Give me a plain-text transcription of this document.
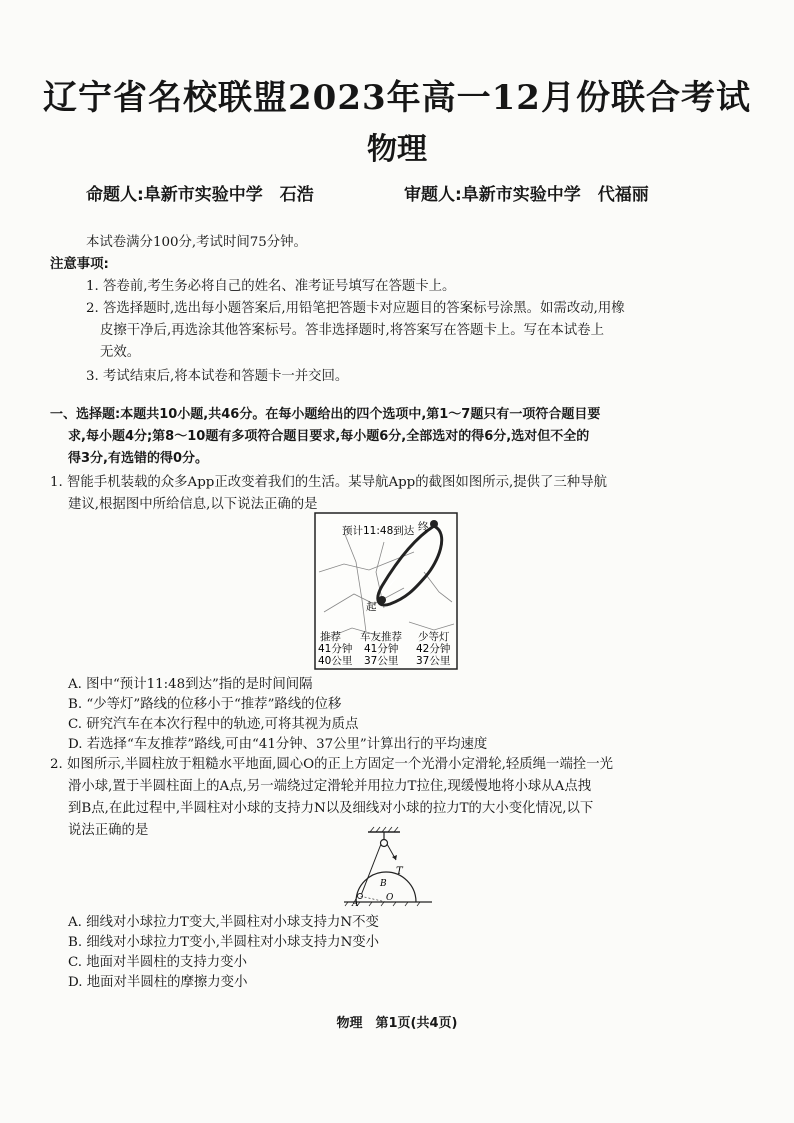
辽宁省名校联盟2023年高一12月份联合考试
物理
命题人:阜新市实验中学　石浩	审题人:阜新市实验中学　代福丽
本试卷满分100分,考试时间75分钟。
注意事项:
1. 答卷前,考生务必将自己的姓名、准考证号填写在答题卡上。
2. 答选择题时,选出每小题答案后,用铅笔把答题卡对应题目的答案标号涂黑。如需改动,用橡
皮擦干净后,再选涂其他答案标号。答非选择题时,将答案写在答题卡上。写在本试卷上
无效。
3. 考试结束后,将本试卷和答题卡一并交回。
一、选择题:本题共10小题,共46分。在每小题给出的四个选项中,第1～7题只有一项符合题目要
求,每小题4分;第8～10题有多项符合题目要求,每小题6分,全部选对的得6分,选对但不全的
得3分,有选错的得0分。
1. 智能手机装载的众多App正改变着我们的生活。某导航App的截图如图所示,提供了三种导航
建议,根据图中所给信息,以下说法正确的是
预计11:48到达 终
起
推荐
41分钟
40公里
车友推荐
41分钟
37公里
少等灯
42分钟
37公里
A. 图中“预计11:48到达”指的是时间间隔
B. “少等灯”路线的位移小于“推荐”路线的位移
C. 研究汽车在本次行程中的轨迹,可将其视为质点
D. 若选择“车友推荐”路线,可由“41分钟、37公里”计算出行的平均速度
2. 如图所示,半圆柱放于粗糙水平地面,圆心O的正上方固定一个光滑小定滑轮,轻质绳一端拴一光
滑小球,置于半圆柱面上的A点,另一端绕过定滑轮并用拉力T拉住,现缓慢地将小球从A点拽
到B点,在此过程中,半圆柱对小球的支持力N以及细线对小球的拉力T的大小变化情况,以下
说法正确的是
T
A
B
O
A. 细线对小球拉力T变大,半圆柱对小球支持力N不变
B. 细线对小球拉力T变小,半圆柱对小球支持力N变小
C. 地面对半圆柱的支持力变小
D. 地面对半圆柱的摩擦力变小
物理　第1页(共4页)
